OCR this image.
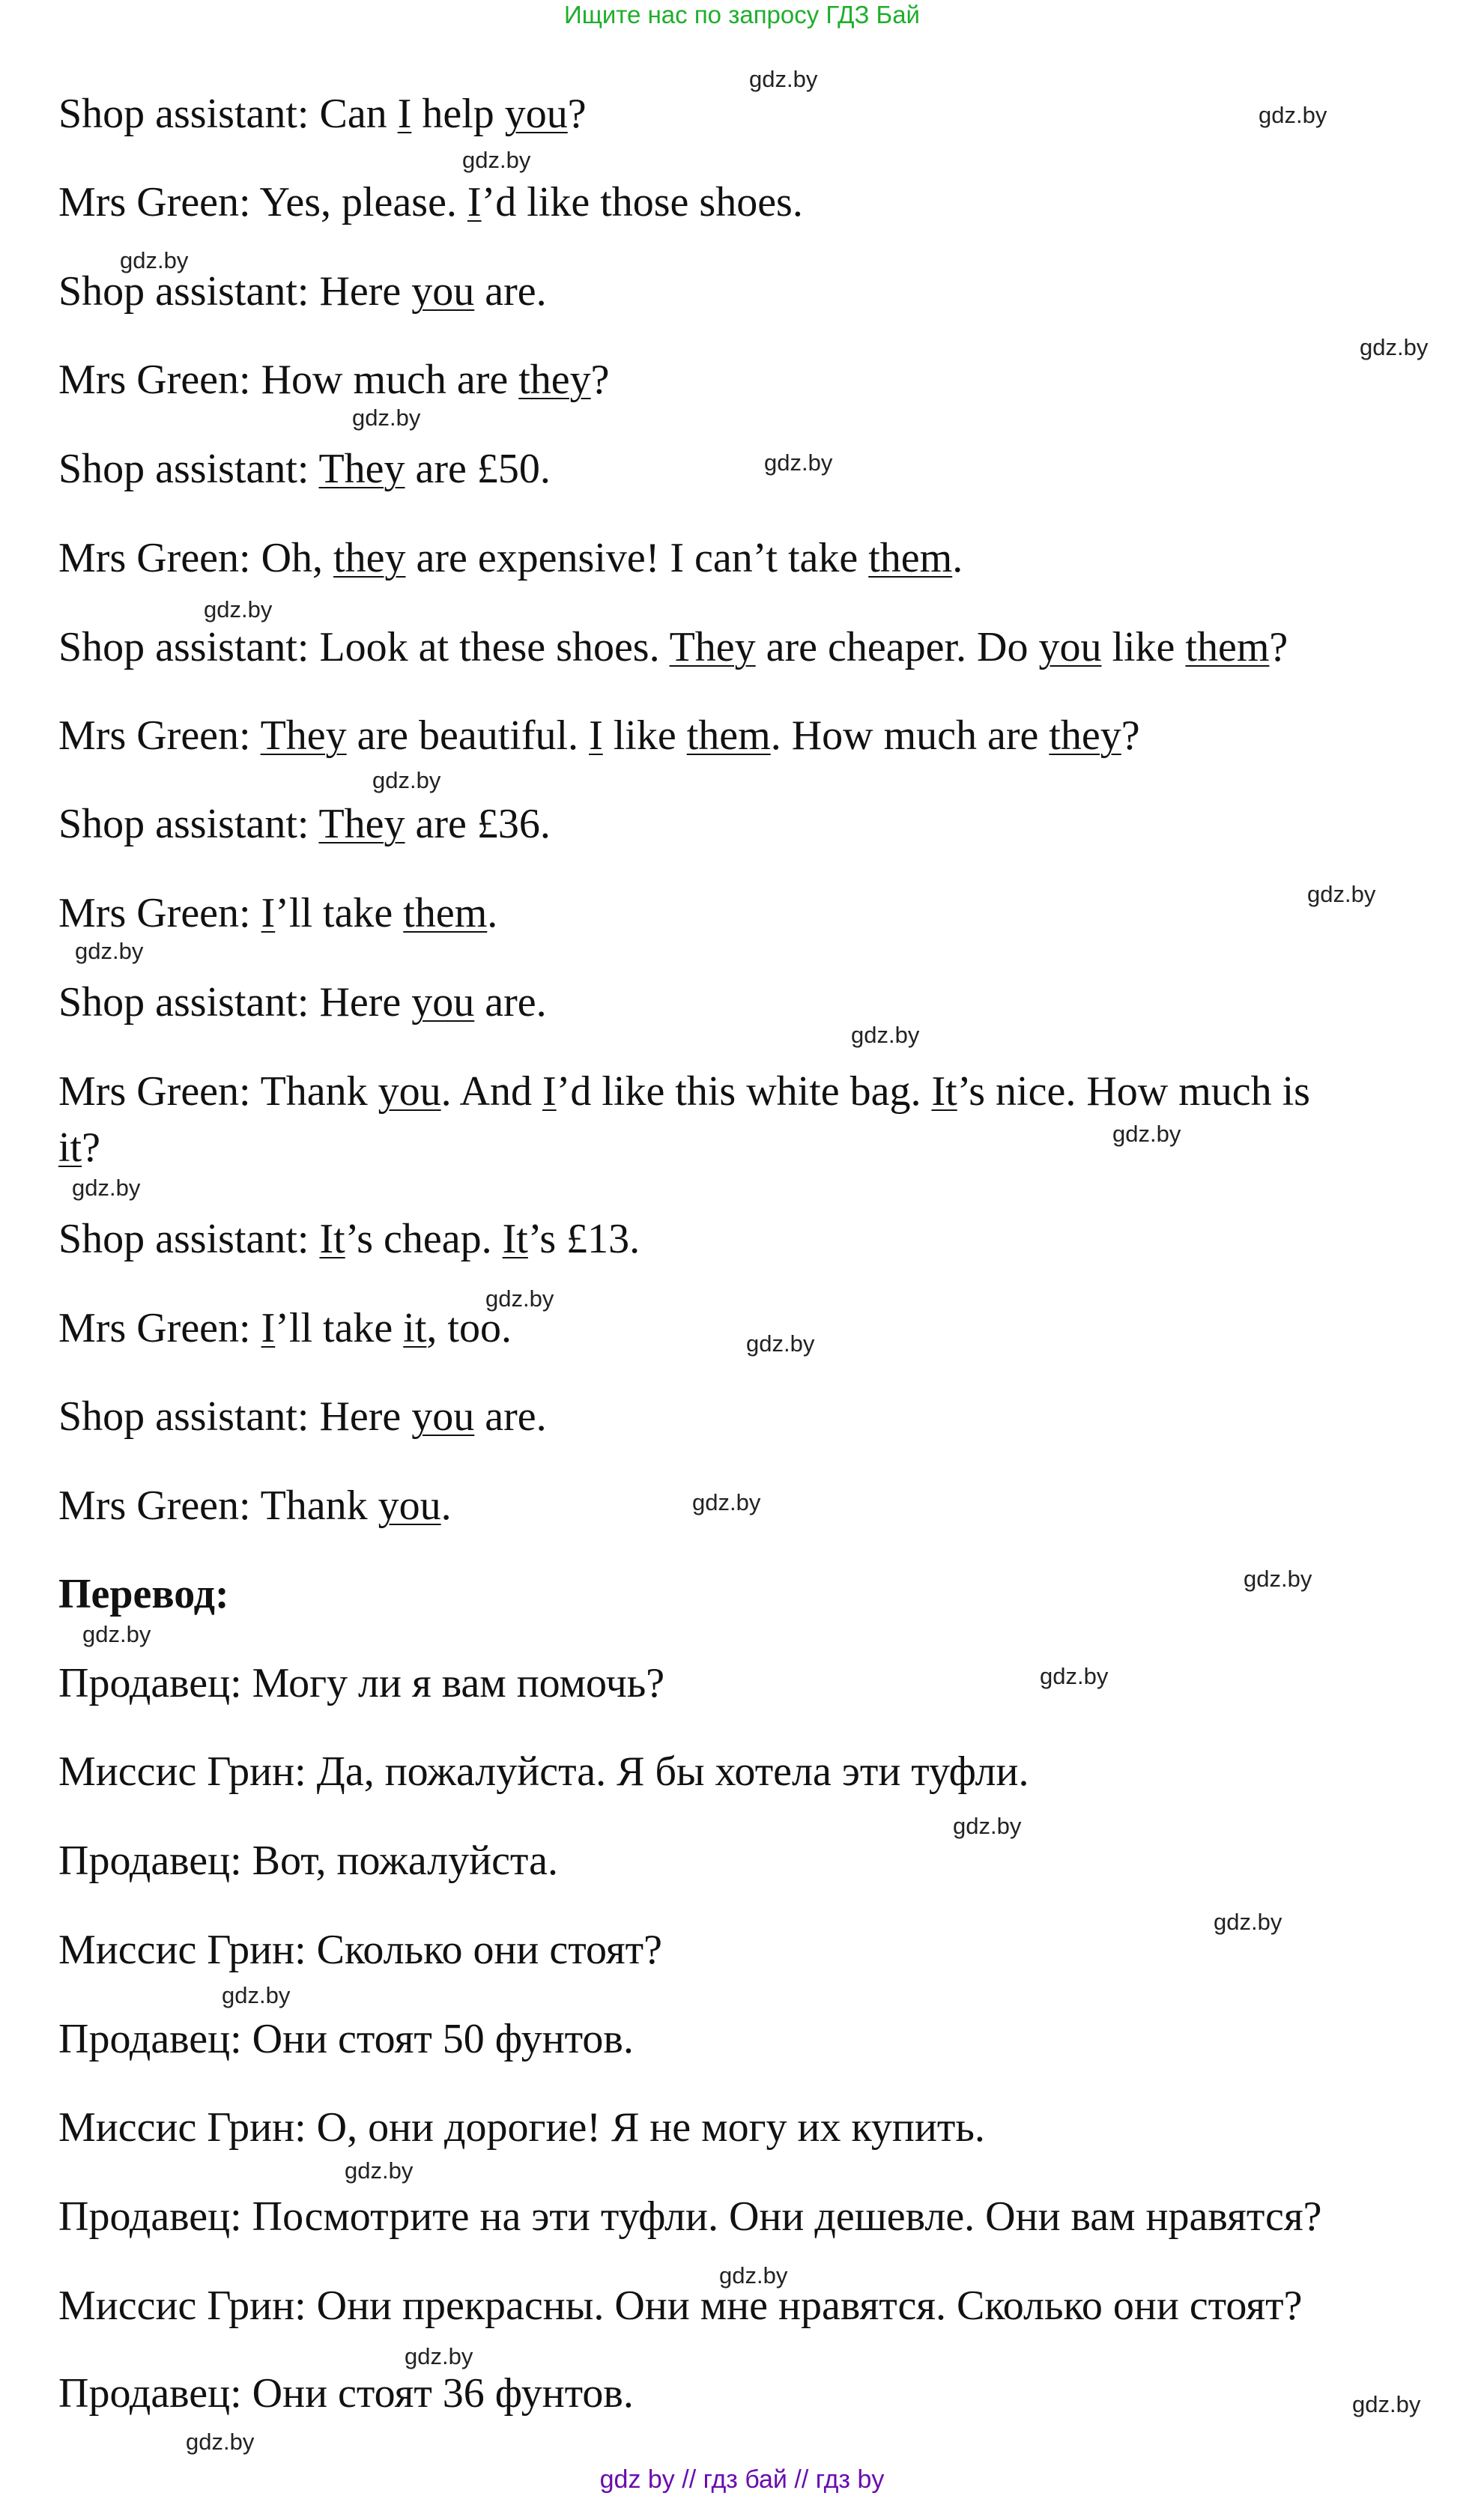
Ищите нас по запросу ГДЗ Бай
Shop assistant: Can I help you?
Mrs Green: Yes, please. I’d like those shoes.
Shop assistant: Here you are.
Mrs Green: How much are they?
Shop assistant: They are £50.
Mrs Green: Oh, they are expensive! I can’t take them.
Shop assistant: Look at these shoes. They are cheaper. Do you like them?
Mrs Green: They are beautiful. I like them. How much are they?
Shop assistant: They are £36.
Mrs Green: I’ll take them.
Shop assistant: Here you are.
Mrs Green: Thank you. And I’d like this white bag. It’s nice. How much is
it?
Shop assistant: It’s cheap. It’s £13.
Mrs Green: I’ll take it, too.
Shop assistant: Here you are.
Mrs Green: Thank you.
Перевод:
Продавец: Могу ли я вам помочь?
Миссис Грин: Да, пожалуйста. Я бы хотела эти туфли.
Продавец: Вот, пожалуйста.
Миссис Грин: Сколько они стоят?
Продавец: Они стоят 50 фунтов.
Миссис Грин: О, они дорогие! Я не могу их купить.
Продавец: Посмотрите на эти туфли. Они дешевле. Они вам нравятся?
Миссис Грин: Они прекрасны. Они мне нравятся. Сколько они стоят?
Продавец: Они стоят 36 фунтов.
gdz.by
gdz.by
gdz.by
gdz.by
gdz.by
gdz.by
gdz.by
gdz.by
gdz.by
gdz.by
gdz.by
gdz.by
gdz.by
gdz.by
gdz.by
gdz.by
gdz.by
gdz.by
gdz.by
gdz.by
gdz.by
gdz.by
gdz.by
gdz.by
gdz.by
gdz.by
gdz.by
gdz.by
gdz by // гдз бай // гдз by
